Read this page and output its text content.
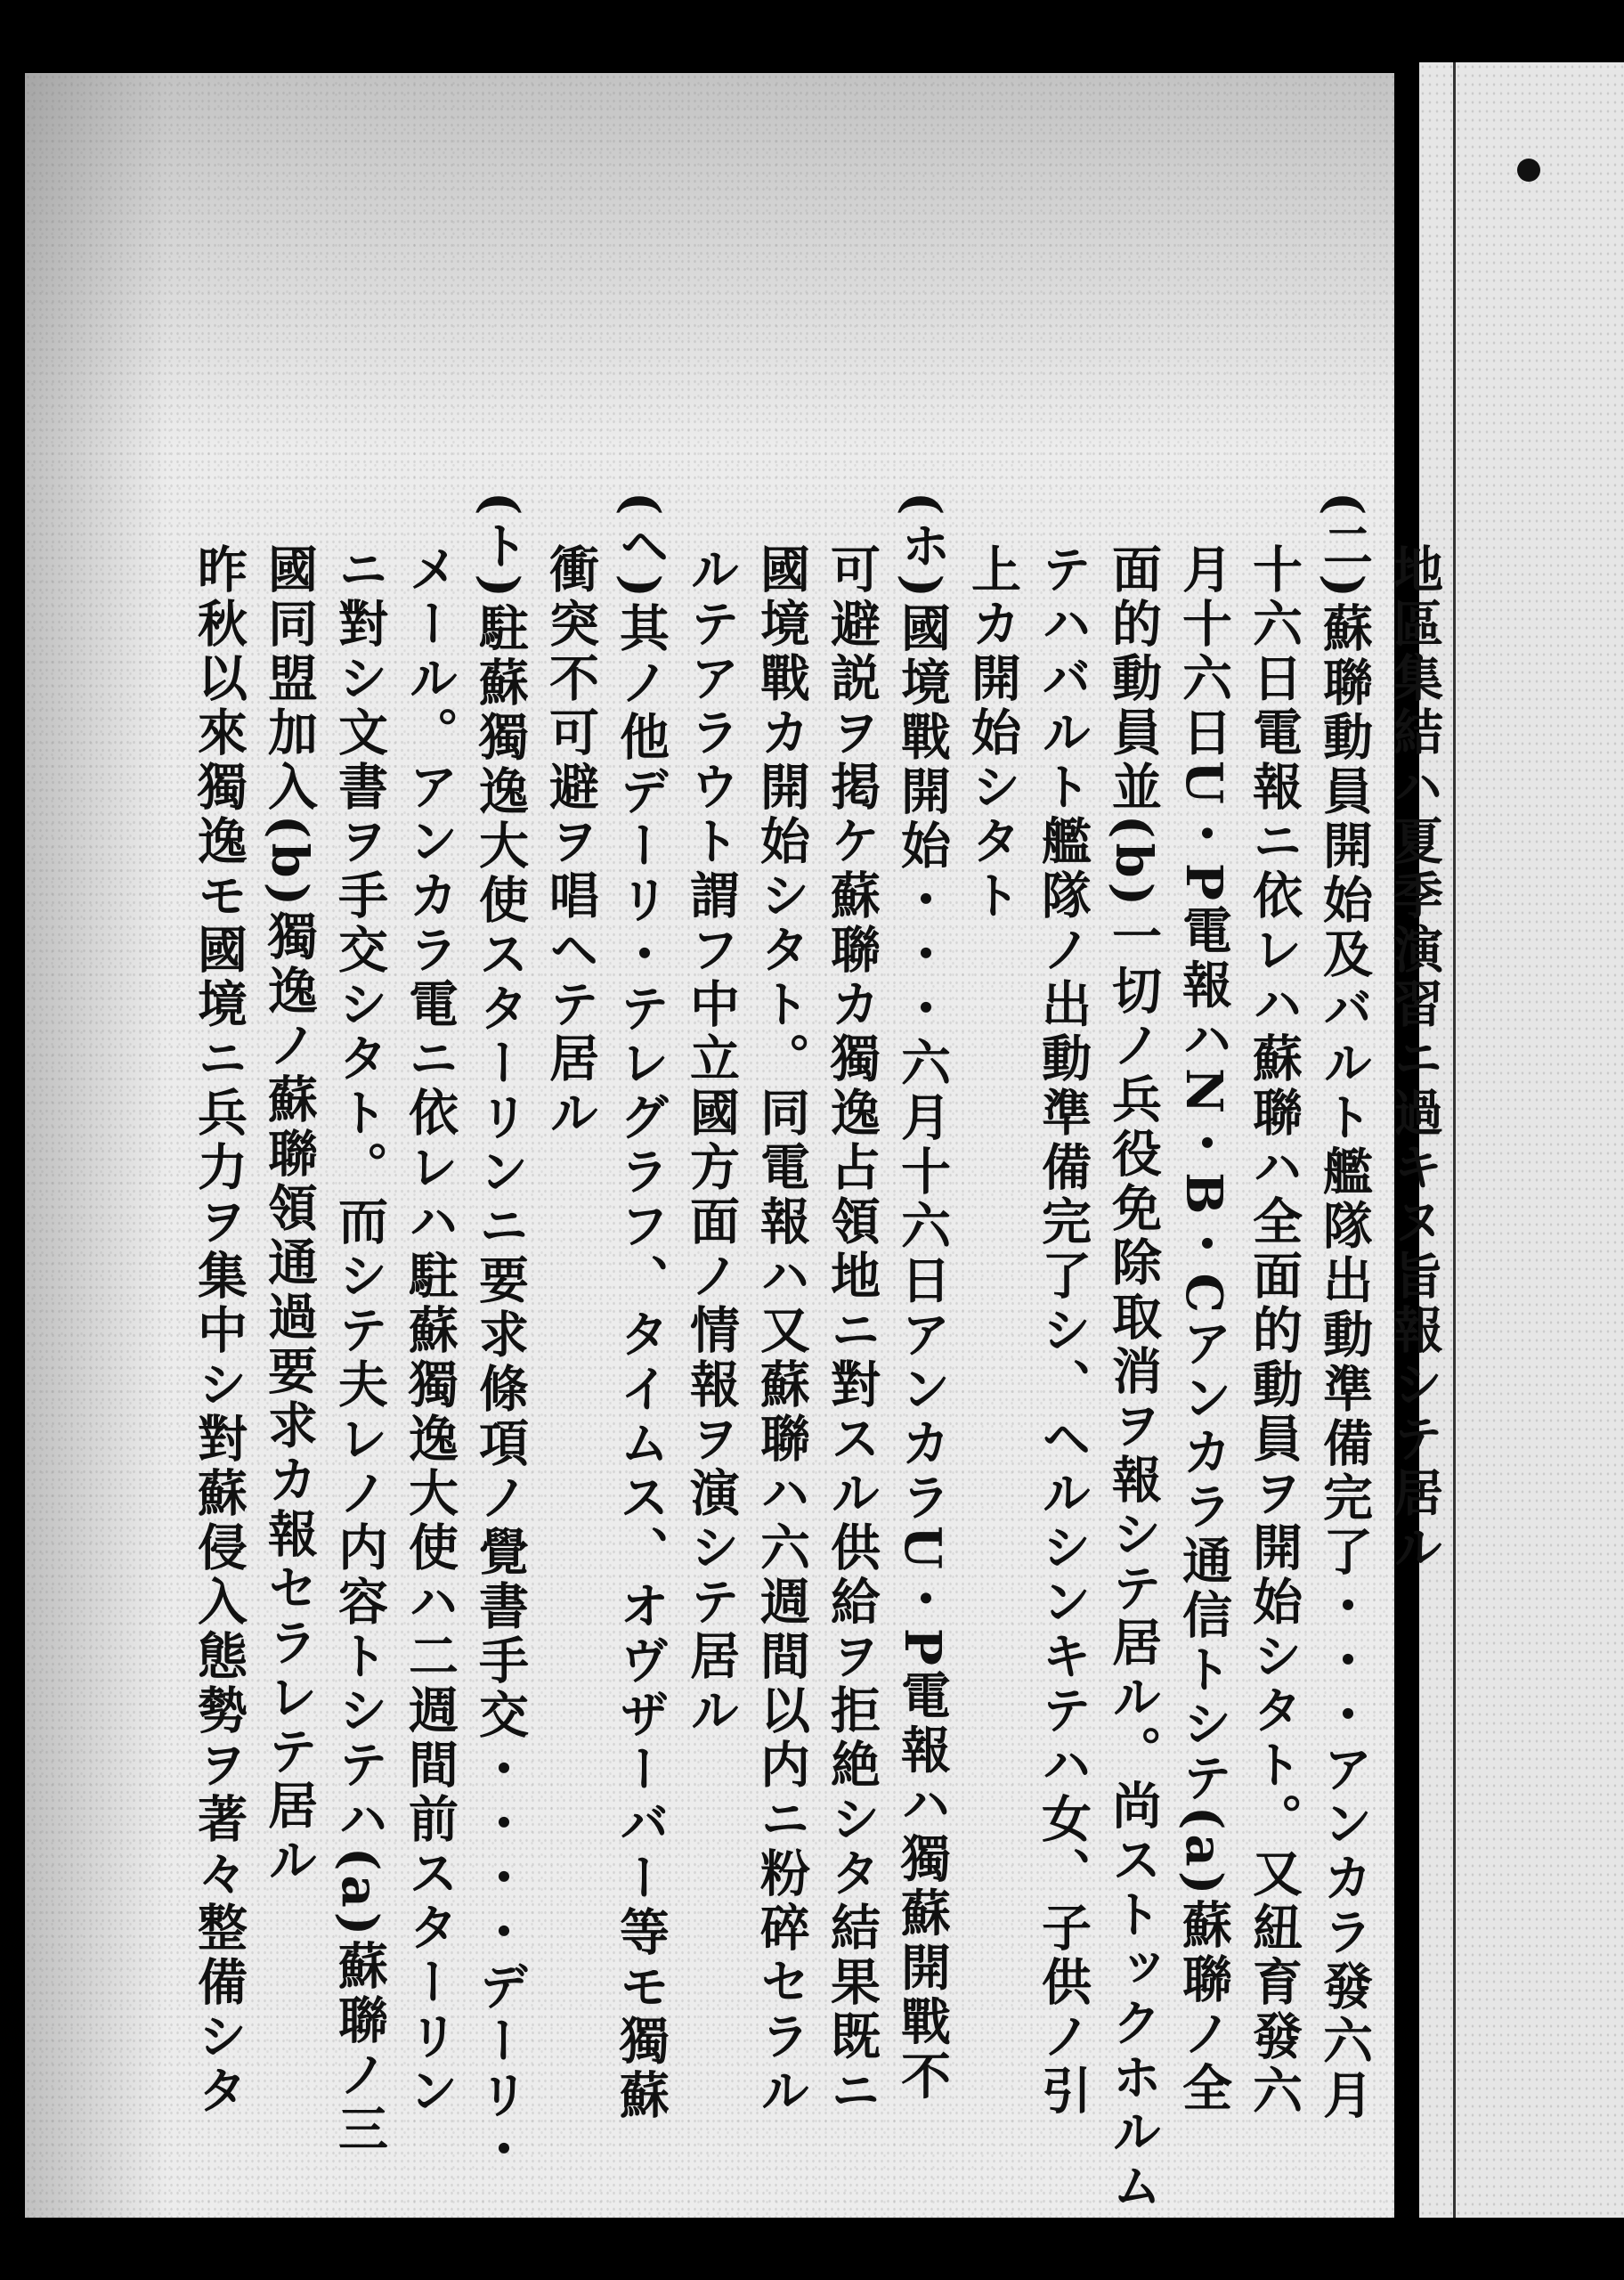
地區集結ハ夏季演習ニ過キヌ旨報シテ居ル
(二)蘇聯動員開始及バルト艦隊出動準備完了・・・アンカラ發六月
十六日電報ニ依レハ蘇聯ハ全面的動員ヲ開始シタト。又紐育發六
月十六日U・P電報ハN・B・Cアンカラ通信トシテ(a)蘇聯ノ全
面的動員並(b)一切ノ兵役免除取消ヲ報シテ居ル。尚ストックホルム
テハバルト艦隊ノ出動準備完了シ、ヘルシンキテハ女、子供ノ引
上カ開始シタト
(ホ)國境戰開始・・・六月十六日アンカラU・P電報ハ獨蘇開戰不
可避説ヲ掲ケ蘇聯カ獨逸占領地ニ對スル供給ヲ拒絶シタ結果既ニ
國境戰カ開始シタト。同電報ハ又蘇聯ハ六週間以内ニ粉碎セラル
ルテアラウト謂フ中立國方面ノ情報ヲ演シテ居ル
(ヘ)其ノ他デーリ・テレグラフ、タイムス、オヴザーバー等モ獨蘇
衝突不可避ヲ唱ヘテ居ル
(ト)駐蘇獨逸大使スターリンニ要求條項ノ覺書手交・・・・デーリ・
メール。アンカラ電ニ依レハ駐蘇獨逸大使ハ二週間前スターリン
ニ對シ文書ヲ手交シタト。而シテ夫レノ内容トシテハ(a)蘇聯ノ三
國同盟加入(b)獨逸ノ蘇聯領通過要求カ報セラレテ居ル
昨秋以來獨逸モ國境ニ兵力ヲ集中シ對蘇侵入態勢ヲ著々整備シタ
